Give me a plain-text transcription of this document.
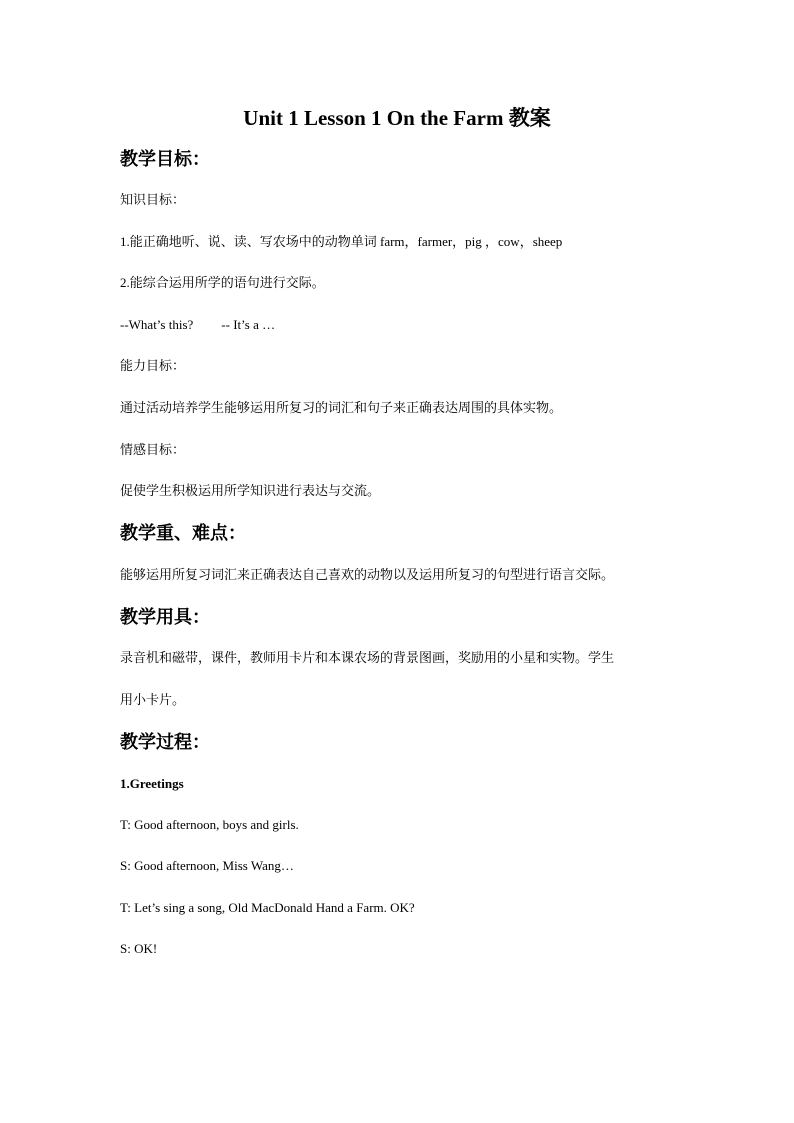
Unit 1 Lesson 1 On the Farm 教案
教学目标：
知识目标：
1.能正确地听、说、读、写农场中的动物单词 farm，farmer，pig ，cow，sheep
2.能综合运用所学的语句进行交际。
--What’s this? -- It’s a …
能力目标：
通过活动培养学生能够运用所复习的词汇和句子来正确表达周围的具体实物。
情感目标：
促使学生积极运用所学知识进行表达与交流。
教学重、难点：
能够运用所复习词汇来正确表达自己喜欢的动物以及运用所复习的句型进行语言交际。
教学用具：
录音机和磁带，课件，教师用卡片和本课农场的背景图画，奖励用的小星和实物。学生
用小卡片。
教学过程：
1.Greetings
T: Good afternoon, boys and girls.
S: Good afternoon, Miss Wang…
T: Let’s sing a song, Old MacDonald Hand a Farm. OK?
S: OK!
